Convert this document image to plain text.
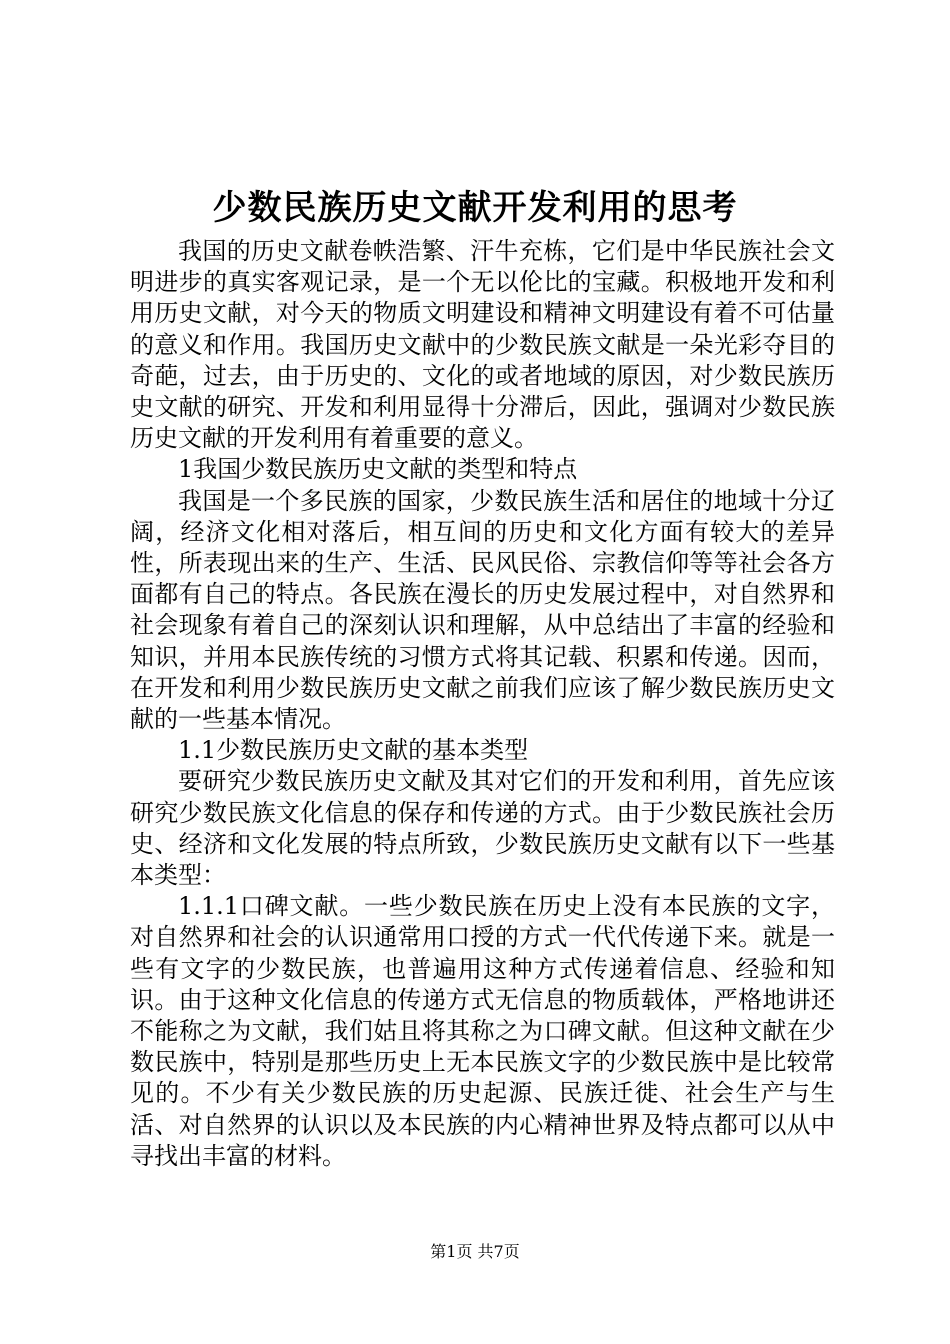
少数民族历史文献开发利用的思考

我国的历史文献卷帙浩繁、汗牛充栋，它们是中华民族社会文明进步的真实客观记录，是一个无以伦比的宝藏。积极地开发和利用历史文献，对今天的物质文明建设和精神文明建设有着不可估量的意义和作用。我国历史文献中的少数民族文献是一朵光彩夺目的奇葩，过去，由于历史的、文化的或者地域的原因，对少数民族历史文献的研究、开发和利用显得十分滞后，因此，强调对少数民族历史文献的开发利用有着重要的意义。

1我国少数民族历史文献的类型和特点

我国是一个多民族的国家，少数民族生活和居住的地域十分辽阔，经济文化相对落后，相互间的历史和文化方面有较大的差异性，所表现出来的生产、生活、民风民俗、宗教信仰等等社会各方面都有自己的特点。各民族在漫长的历史发展过程中，对自然界和社会现象有着自己的深刻认识和理解，从中总结出了丰富的经验和知识，并用本民族传统的习惯方式将其记载、积累和传递。因而，在开发和利用少数民族历史文献之前我们应该了解少数民族历史文献的一些基本情况。

1.1少数民族历史文献的基本类型

要研究少数民族历史文献及其对它们的开发和利用，首先应该研究少数民族文化信息的保存和传递的方式。由于少数民族社会历史、经济和文化发展的特点所致，少数民族历史文献有以下一些基本类型：

1.1.1口碑文献。一些少数民族在历史上没有本民族的文字，对自然界和社会的认识通常用口授的方式一代代传递下来。就是一些有文字的少数民族，也普遍用这种方式传递着信息、经验和知识。由于这种文化信息的传递方式无信息的物质载体，严格地讲还不能称之为文献，我们姑且将其称之为口碑文献。但这种文献在少数民族中，特别是那些历史上无本民族文字的少数民族中是比较常见的。不少有关少数民族的历史起源、民族迁徙、社会生产与生活、对自然界的认识以及本民族的内心精神世界及特点都可以从中寻找出丰富的材料。

第1页 共7页
